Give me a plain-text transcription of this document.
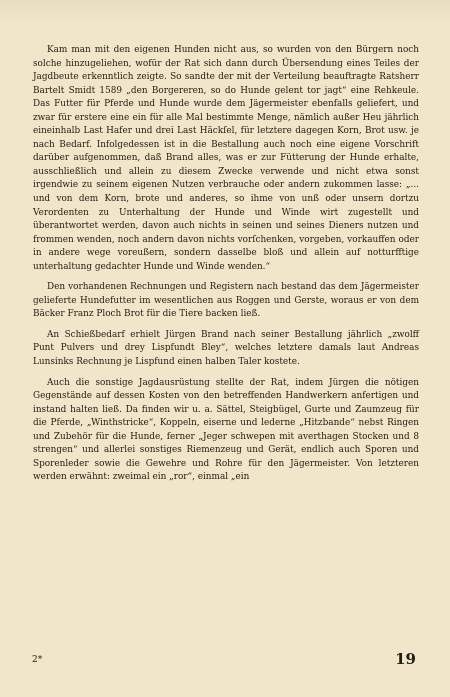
Kam man mit den eigenen Hunden nicht aus, so wurden von den Bürgern noch solche hinzugeliehen, wofür der Rat sich dann durch Übersendung eines Teiles der Jagdbeute erkenntlich zeigte. So sandte der mit der Verteilung beauftragte Ratsherr Bartelt Smidt 1589 „den Borgereren, so do Hunde gelent tor jagt“ eine Rehkeule. Das Futter für Pferde und Hunde wurde dem Jägermeister ebenfalls geliefert, und zwar für erstere eine ein für alle Mal bestimmte Menge, nämlich außer Heu jährlich eineinhalb Last Hafer und drei Last Häckſel, für letztere dagegen Korn, Brot usw. je nach Bedarf. Infolgedessen ist in die Bestallung auch noch eine eigene Vorschrift darüber aufgenommen, daß Brand alles, was er zur Fütterung der Hunde erhalte, ausschließlich und allein zu diesem Zwecke verwende und nicht etwa sonst irgendwie zu seinem eigenen Nutzen verbrauche oder andern zukommen lasse: „... und von dem Korn, brote und anderes, so ihme von unß oder unsern dortzu Verordenten zu Unterhaltung der Hunde und Winde wirt zugestellt und überantwortet werden, davon auch nichts in seinen und seines Dieners nutzen und frommen wenden, noch andern davon nichts vorſchenken, vorgeben, vorkauffen oder in andere wege voreußern, sondern dasselbe bloß und allein auf notturfftige unterhaltung gedachter Hunde und Winde wenden.“

Den vorhandenen Rechnungen und Registern nach bestand das dem Jägermeister gelieferte Hundefutter im wesentlichen aus Roggen und Gerste, woraus er von dem Bäcker Franz Ploch Brot für die Tiere backen ließ.

An Schießbedarf erhielt Jürgen Brand nach seiner Bestallung jährlich „zwolff Punt Pulvers und drey Lispfundt Bley“, welches letztere damals laut Andreas Lunsinks Rechnung je Lispfund einen halben Taler kostete.

Auch die sonstige Jagdausrüstung stellte der Rat, indem Jürgen die nötigen Gegenstände auf dessen Kosten von den betreffenden Handwerkern anfertigen und instand halten ließ. Da finden wir u. a. Sättel, Steigbügel, Gurte und Zaumzeug für die Pferde, „Winthstricke“, Koppeln, eiserne und lederne „Hitzbande“ nebst Ringen und Zubehör für die Hunde, ferner „Jeger schwepen mit averthagen Stocken und 8 strengen“ und allerlei sonstiges Riemenzeug und Gerät, endlich auch Sporen und Sporenleder sowie die Gewehre und Rohre für den Jägermeister. Von letzteren werden erwähnt: zweimal ein „ror“, einmal „ein

2*	19
